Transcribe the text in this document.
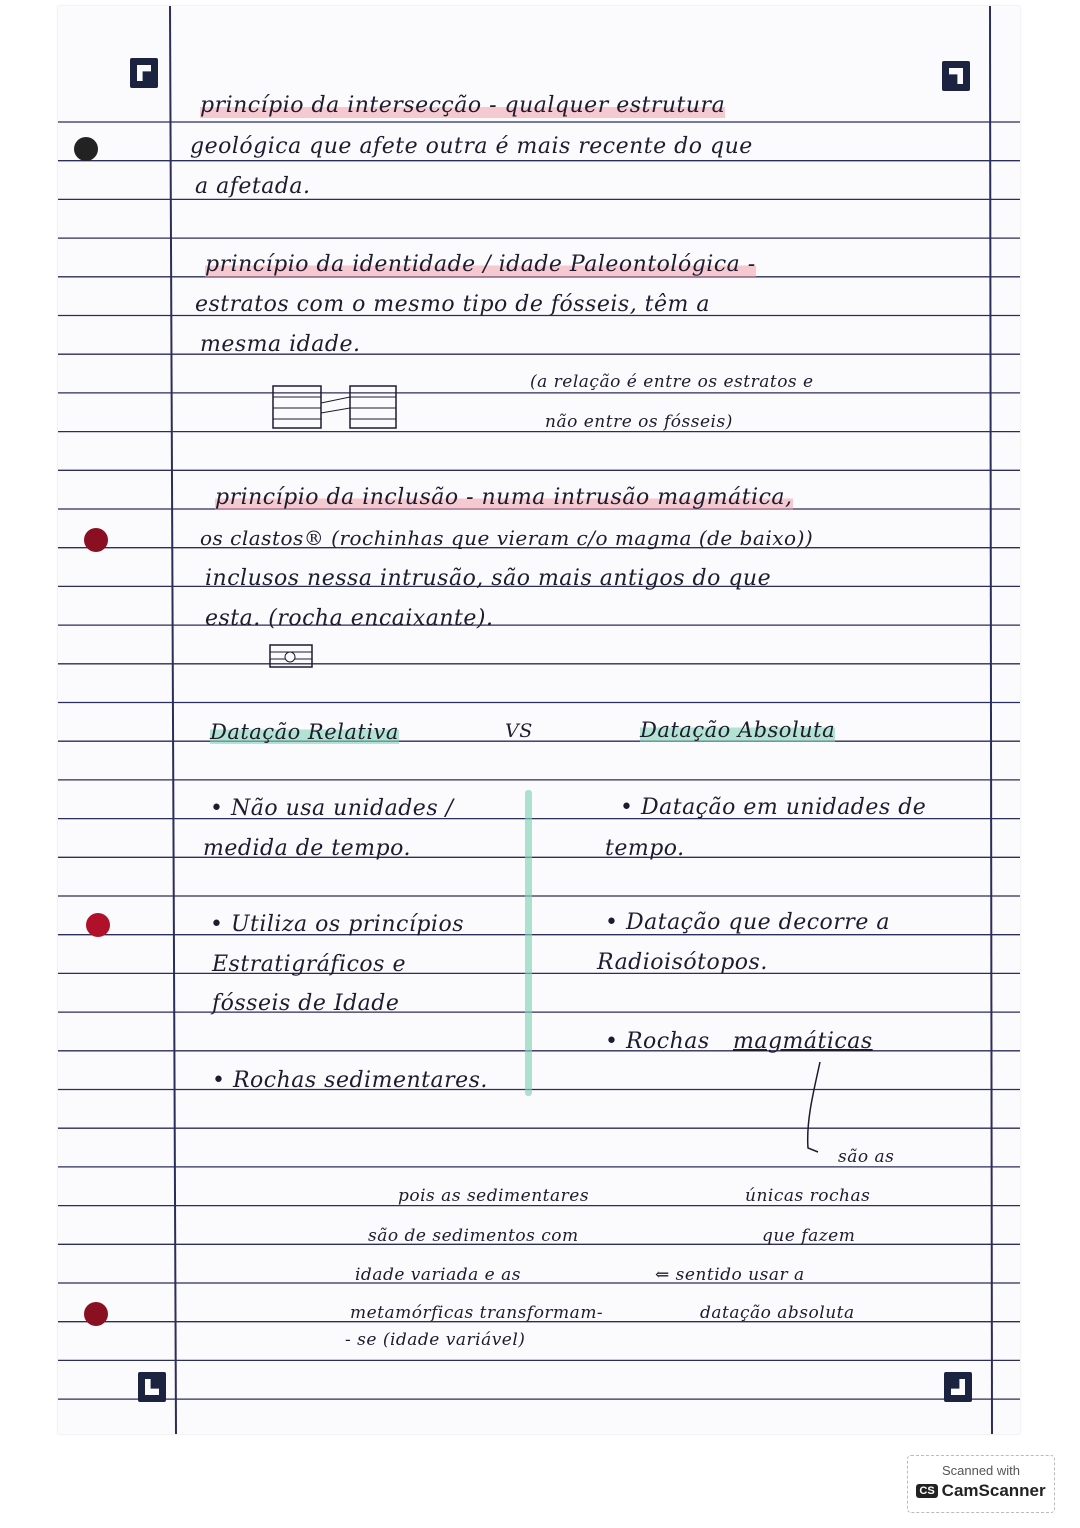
princípio da intersecção - qualquer estrutura
geológica que afete outra é mais recente do que
a afetada.
princípio da identidade / idade Paleontológica -
estratos com o mesmo tipo de fósseis, têm a
mesma idade.
(a relação é entre os estratos e
não entre os fósseis)
princípio da inclusão - numa intrusão magmática,
os clastos® (rochinhas que vieram c/o magma (de baixo))
inclusos nessa intrusão, são mais antigos do que
esta. (rocha encaixante).
Datação Relativa	VS	Datação Absoluta
• Não usa unidades /
medida de tempo.
• Utiliza os princípios
Estratigráficos e
fósseis de Idade
• Rochas sedimentares.
• Datação em unidades de
tempo.
• Datação que decorre a
Radioisótopos.
• Rochas magmáticas
são as
únicas rochas
que fazem
⇐ sentido usar a
datação absoluta
pois as sedimentares
são de sedimentos com
idade variada e as
metamórficas transformam-
- se (idade variável)
Scanned with
CS CamScanner
